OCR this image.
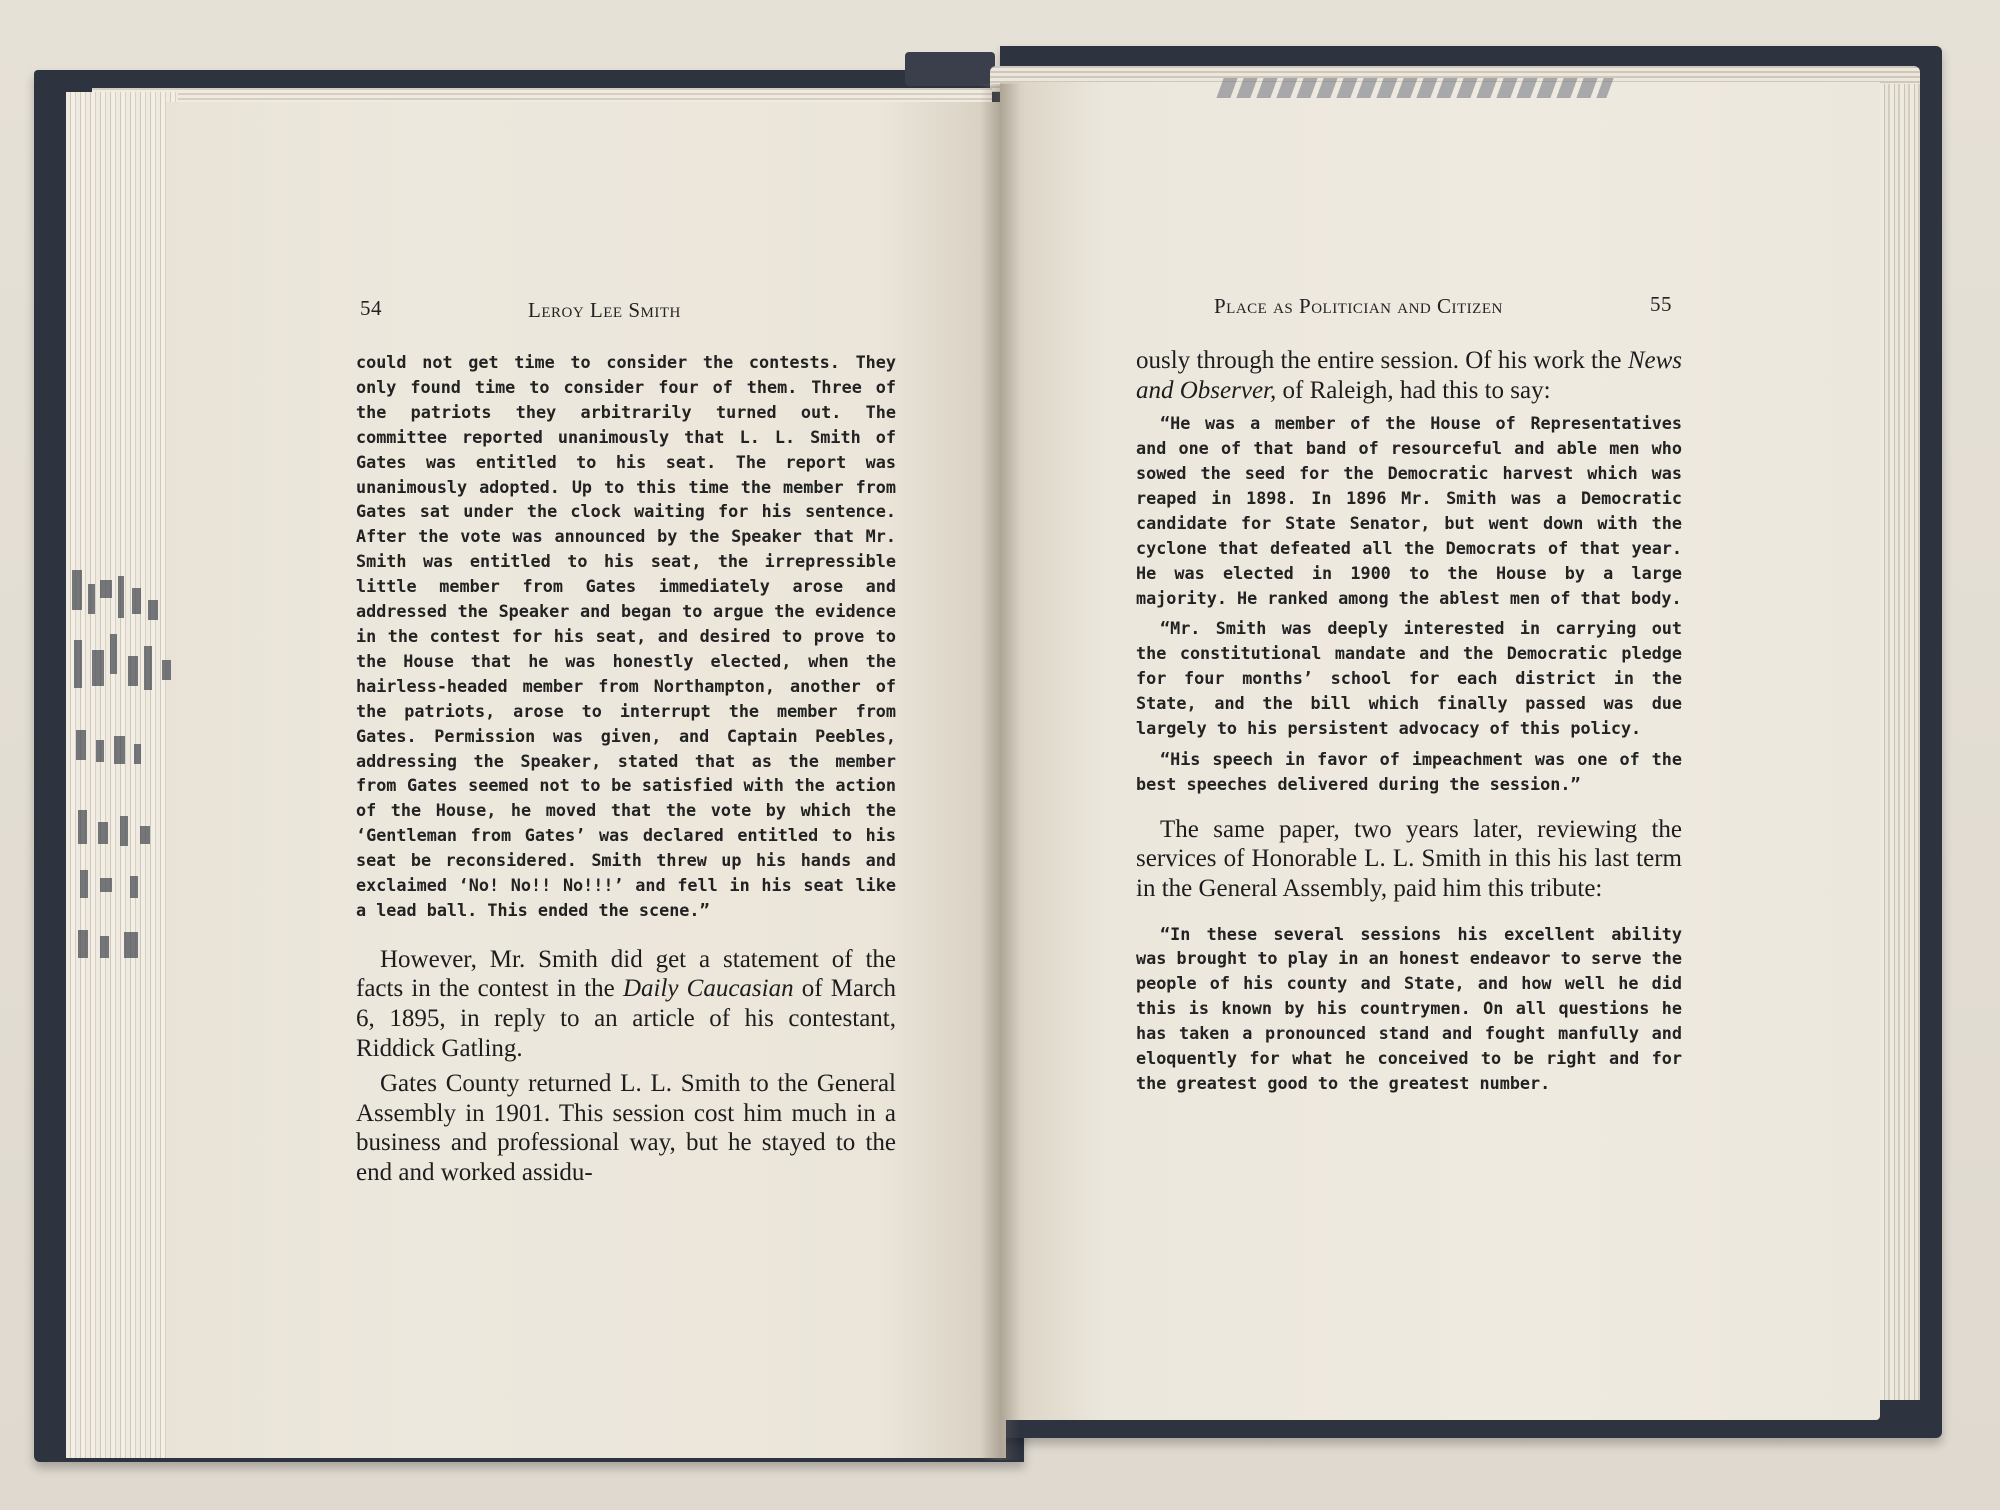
54	Leroy Lee Smith	Place as Politician and Citizen	55

could not get time to consider the contests. They only found time to consider four of them. Three of the patriots they arbitrarily turned out. The committee reported unanimously that L. L. Smith of Gates was entitled to his seat. The report was unanimously adopted. Up to this time the member from Gates sat under the clock waiting for his sentence. After the vote was announced by the Speaker that Mr. Smith was entitled to his seat, the irrepressible little member from Gates immediately arose and addressed the Speaker and began to argue the evidence in the contest for his seat, and desired to prove to the House that he was honestly elected, when the hairless-headed member from Northampton, another of the patriots, arose to interrupt the member from Gates. Permission was given, and Captain Peebles, addressing the Speaker, stated that as the member from Gates seemed not to be satisfied with the action of the House, he moved that the vote by which the ‘Gentleman from Gates’ was declared entitled to his seat be reconsidered. Smith threw up his hands and exclaimed ‘No! No!! No!!!’ and fell in his seat like a lead ball. This ended the scene.”

However, Mr. Smith did get a statement of the facts in the contest in the Daily Caucasian of March 6, 1895, in reply to an article of his contestant, Riddick Gatling.

Gates County returned L. L. Smith to the General Assembly in 1901. This session cost him much in a business and professional way, but he stayed to the end and worked assidu-

ously through the entire session. Of his work the News and Observer, of Raleigh, had this to say:

“He was a member of the House of Representatives and one of that band of resourceful and able men who sowed the seed for the Democratic harvest which was reaped in 1898. In 1896 Mr. Smith was a Democratic candidate for State Senator, but went down with the cyclone that defeated all the Democrats of that year. He was elected in 1900 to the House by a large majority. He ranked among the ablest men of that body.

“Mr. Smith was deeply interested in carrying out the constitutional mandate and the Democratic pledge for four months’ school for each district in the State, and the bill which finally passed was due largely to his persistent advocacy of this policy.

“His speech in favor of impeachment was one of the best speeches delivered during the session.”

The same paper, two years later, reviewing the services of Honorable L. L. Smith in this his last term in the General Assembly, paid him this tribute:

“In these several sessions his excellent ability was brought to play in an honest endeavor to serve the people of his county and State, and how well he did this is known by his countrymen. On all questions he has taken a pronounced stand and fought manfully and eloquently for what he conceived to be right and for the greatest good to the greatest number.
